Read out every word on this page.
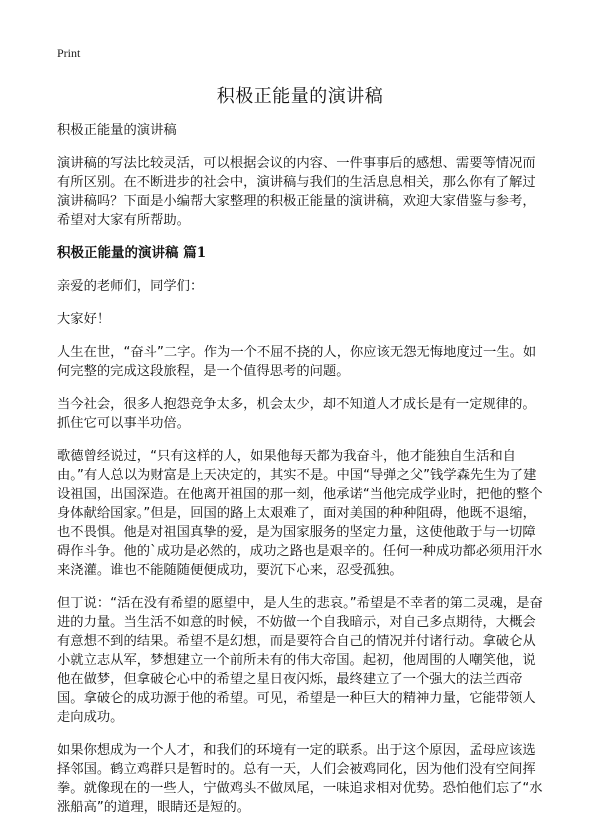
Print
积极正能量的演讲稿

积极正能量的演讲稿

演讲稿的写法比较灵活，可以根据会议的内容、一件事事后的感想、需要等情况而有所区别。在不断进步的社会中，演讲稿与我们的生活息息相关，那么你有了解过演讲稿吗？下面是小编帮大家整理的积极正能量的演讲稿，欢迎大家借鉴与参考，希望对大家有所帮助。

积极正能量的演讲稿 篇1

亲爱的老师们，同学们：

大家好！

人生在世，“奋斗”二字。作为一个不屈不挠的人，你应该无怨无悔地度过一生。如何完整的完成这段旅程，是一个值得思考的问题。

当今社会，很多人抱怨竞争太多，机会太少，却不知道人才成长是有一定规律的。抓住它可以事半功倍。

歌德曾经说过，“只有这样的人，如果他每天都为我奋斗，他才能独自生活和自由。”有人总以为财富是上天决定的，其实不是。中国“导弹之父”钱学森先生为了建设祖国，出国深造。在他离开祖国的那一刻，他承诺“当他完成学业时，把他的整个身体献给国家。”但是，回国的路上太艰难了，面对美国的种种阻碍，他既不退缩，也不畏惧。他是对祖国真挚的爱，是为国家服务的坚定力量，这使他敢于与一切障碍作斗争。他的`成功是必然的，成功之路也是艰辛的。任何一种成功都必须用汗水来浇灌。谁也不能随随便便成功，要沉下心来，忍受孤独。

但丁说：“活在没有希望的愿望中，是人生的悲哀。”希望是不幸者的第二灵魂，是奋进的力量。当生活不如意的时候，不妨做一个自我暗示，对自己多点期待，大概会有意想不到的结果。希望不是幻想，而是要符合自己的情况并付诸行动。拿破仑从小就立志从军，梦想建立一个前所未有的伟大帝国。起初，他周围的人嘲笑他，说他在做梦，但拿破仑心中的希望之星日夜闪烁，最终建立了一个强大的法兰西帝国。拿破仑的成功源于他的希望。可见，希望是一种巨大的精神力量，它能带领人走向成功。

如果你想成为一个人才，和我们的环境有一定的联系。出于这个原因，孟母应该选择邻国。鹤立鸡群只是暂时的。总有一天，人们会被鸡同化，因为他们没有空间挥拳。就像现在的一些人，宁做鸡头不做凤尾，一味追求相对优势。恐怕他们忘了“水涨船高”的道理，眼睛还是短的。
